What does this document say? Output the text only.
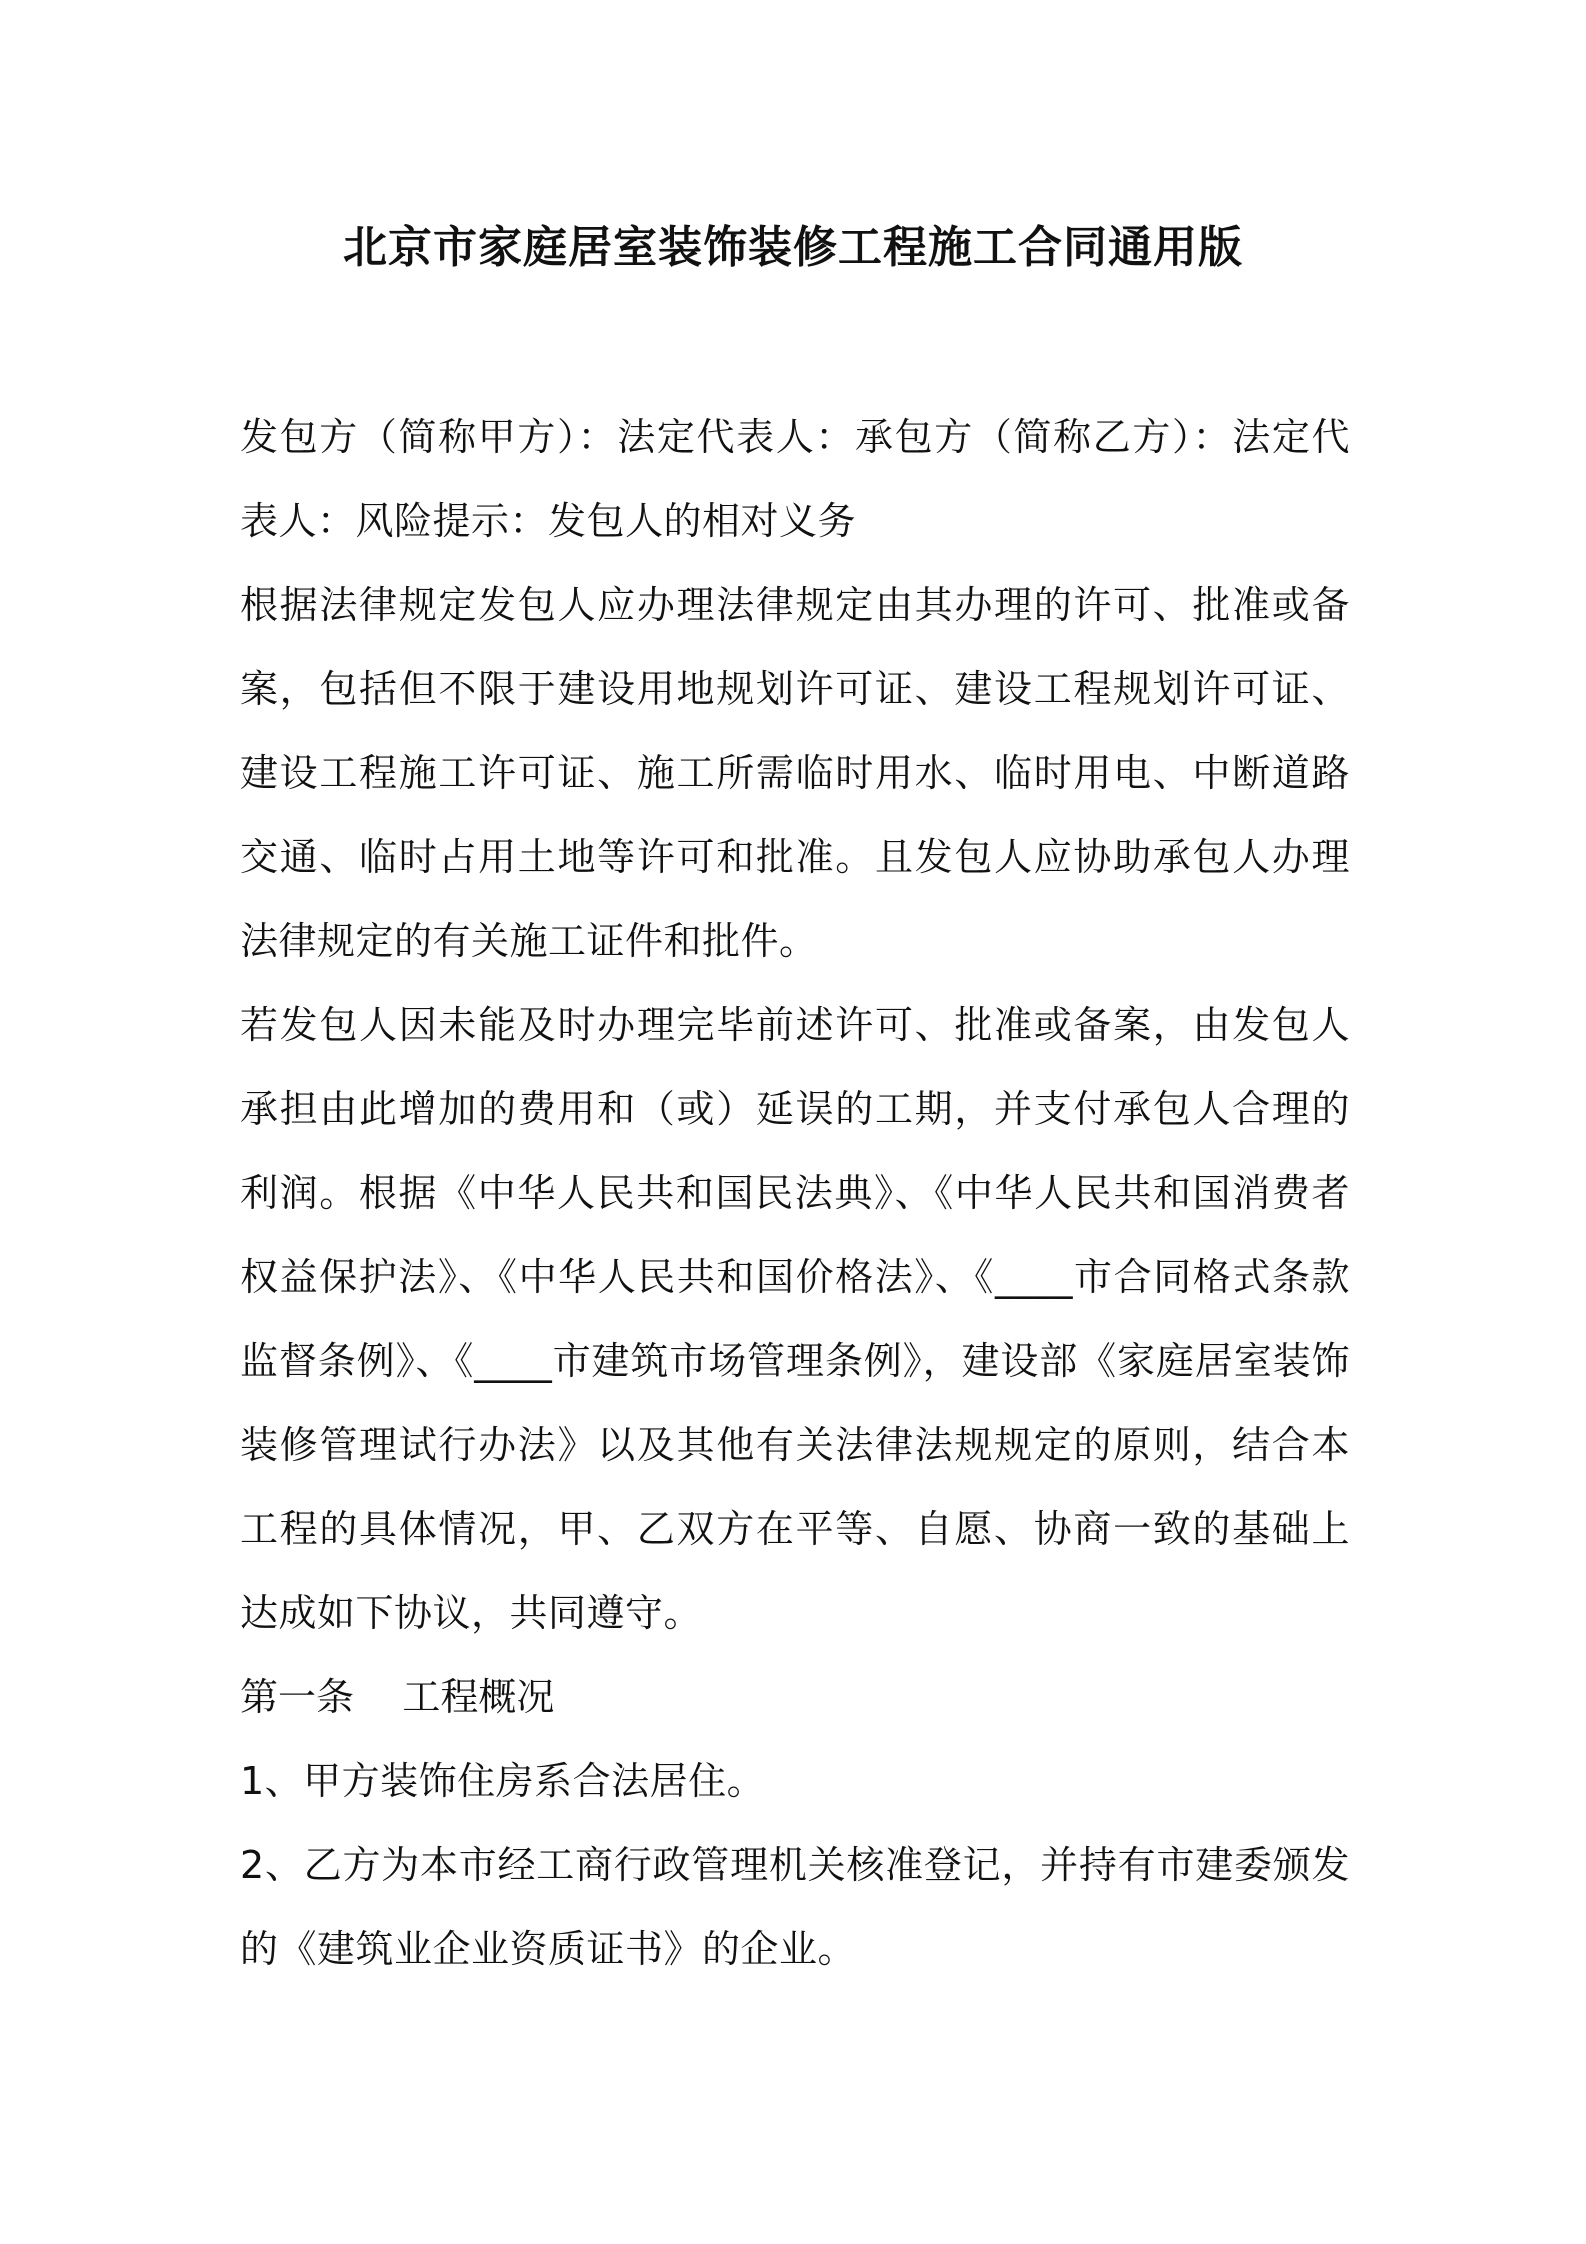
北京市家庭居室装饰装修工程施工合同通用版

发包方（简称甲方）：法定代表人：承包方（简称乙方）：法定代表人：风险提示：发包人的相对义务

根据法律规定发包人应办理法律规定由其办理的许可、批准或备案，包括但不限于建设用地规划许可证、建设工程规划许可证、建设工程施工许可证、施工所需临时用水、临时用电、中断道路交通、临时占用土地等许可和批准。且发包人应协助承包人办理法律规定的有关施工证件和批件。

若发包人因未能及时办理完毕前述许可、批准或备案，由发包人承担由此增加的费用和（或）延误的工期，并支付承包人合理的利润。根据《中华人民共和国民法典》、《中华人民共和国消费者权益保护法》、《中华人民共和国价格法》、《____市合同格式条款监督条例》、《____市建筑市场管理条例》，建设部《家庭居室装饰装修管理试行办法》以及其他有关法律法规规定的原则，结合本工程的具体情况，甲、乙双方在平等、自愿、协商一致的基础上达成如下协议，共同遵守。

第一条    工程概况

1、甲方装饰住房系合法居住。

2、乙方为本市经工商行政管理机关核准登记，并持有市建委颁发的《建筑业企业资质证书》的企业。
